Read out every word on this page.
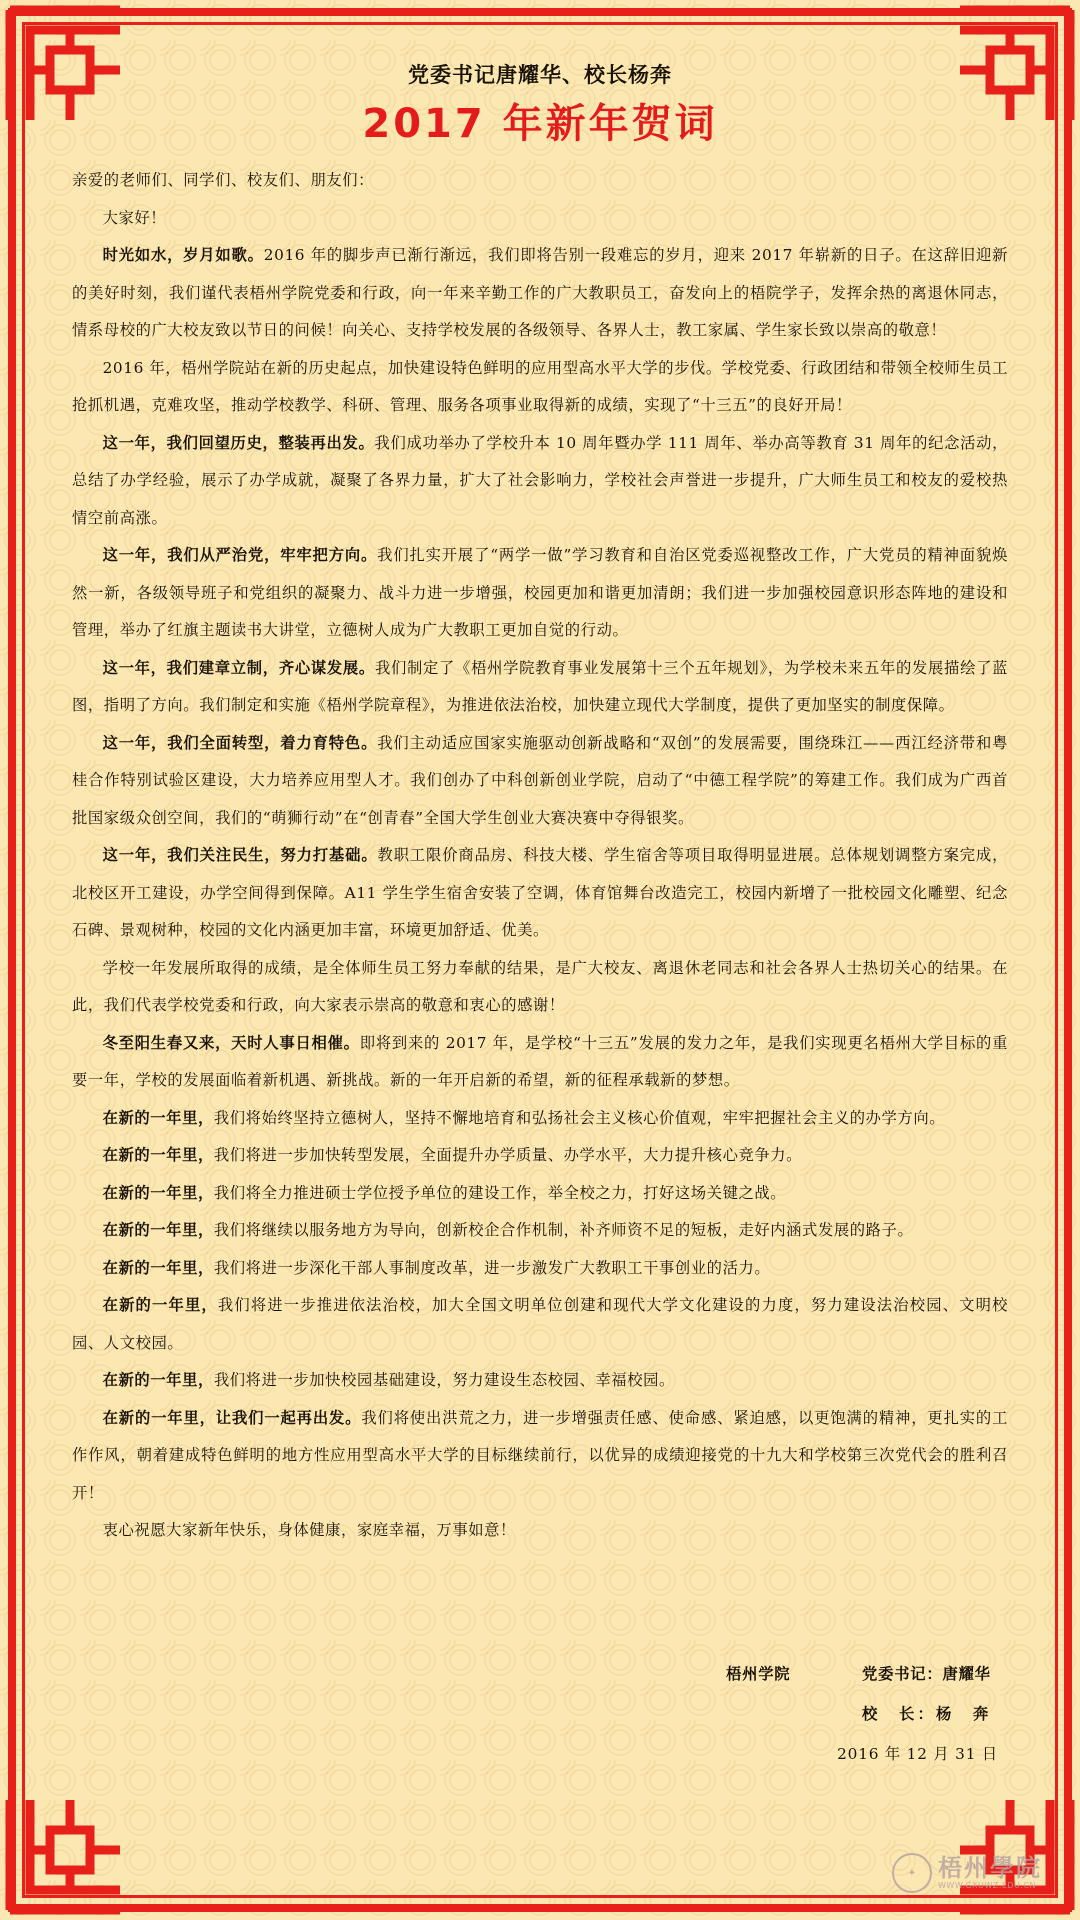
党委书记唐耀华、校长杨奔
2017 年新年贺词

亲爱的老师们、同学们、校友们、朋友们：

大家好！

时光如水，岁月如歌。2016 年的脚步声已渐行渐远，我们即将告别一段难忘的岁月，迎来 2017 年崭新的日子。在这辞旧迎新的美好时刻，我们谨代表梧州学院党委和行政，向一年来辛勤工作的广大教职员工，奋发向上的梧院学子，发挥余热的离退休同志，情系母校的广大校友致以节日的问候！向关心、支持学校发展的各级领导、各界人士，教工家属、学生家长致以崇高的敬意！

2016 年，梧州学院站在新的历史起点，加快建设特色鲜明的应用型高水平大学的步伐。学校党委、行政团结和带领全校师生员工抢抓机遇，克难攻坚，推动学校教学、科研、管理、服务各项事业取得新的成绩，实现了“十三五”的良好开局！

这一年，我们回望历史，整装再出发。我们成功举办了学校升本 10 周年暨办学 111 周年、举办高等教育 31 周年的纪念活动，总结了办学经验，展示了办学成就，凝聚了各界力量，扩大了社会影响力，学校社会声誉进一步提升，广大师生员工和校友的爱校热情空前高涨。

这一年，我们从严治党，牢牢把方向。我们扎实开展了“两学一做”学习教育和自治区党委巡视整改工作，广大党员的精神面貌焕然一新，各级领导班子和党组织的凝聚力、战斗力进一步增强，校园更加和谐更加清朗；我们进一步加强校园意识形态阵地的建设和管理，举办了红旗主题读书大讲堂，立德树人成为广大教职工更加自觉的行动。

这一年，我们建章立制，齐心谋发展。我们制定了《梧州学院教育事业发展第十三个五年规划》，为学校未来五年的发展描绘了蓝图，指明了方向。我们制定和实施《梧州学院章程》，为推进依法治校，加快建立现代大学制度，提供了更加坚实的制度保障。

这一年，我们全面转型，着力育特色。我们主动适应国家实施驱动创新战略和“双创”的发展需要，围绕珠江——西江经济带和粤桂合作特别试验区建设，大力培养应用型人才。我们创办了中科创新创业学院，启动了“中德工程学院”的筹建工作。我们成为广西首批国家级众创空间，我们的“萌狮行动”在“创青春”全国大学生创业大赛决赛中夺得银奖。

这一年，我们关注民生，努力打基础。教职工限价商品房、科技大楼、学生宿舍等项目取得明显进展。总体规划调整方案完成，北校区开工建设，办学空间得到保障。A11 学生学生宿舍安装了空调，体育馆舞台改造完工，校园内新增了一批校园文化雕塑、纪念石碑、景观树种，校园的文化内涵更加丰富，环境更加舒适、优美。

学校一年发展所取得的成绩，是全体师生员工努力奉献的结果，是广大校友、离退休老同志和社会各界人士热切关心的结果。在此，我们代表学校党委和行政，向大家表示崇高的敬意和衷心的感谢！

冬至阳生春又来，天时人事日相催。即将到来的 2017 年，是学校“十三五”发展的发力之年，是我们实现更名梧州大学目标的重要一年，学校的发展面临着新机遇、新挑战。新的一年开启新的希望，新的征程承载新的梦想。

在新的一年里，我们将始终坚持立德树人，坚持不懈地培育和弘扬社会主义核心价值观，牢牢把握社会主义的办学方向。

在新的一年里，我们将进一步加快转型发展，全面提升办学质量、办学水平，大力提升核心竞争力。

在新的一年里，我们将全力推进硕士学位授予单位的建设工作，举全校之力，打好这场关键之战。

在新的一年里，我们将继续以服务地方为导向，创新校企合作机制，补齐师资不足的短板，走好内涵式发展的路子。

在新的一年里，我们将进一步深化干部人事制度改革，进一步激发广大教职工干事创业的活力。

在新的一年里，我们将进一步推进依法治校，加大全国文明单位创建和现代大学文化建设的力度，努力建设法治校园、文明校园、人文校园。

在新的一年里，我们将进一步加快校园基础建设，努力建设生态校园、幸福校园。

在新的一年里，让我们一起再出发。我们将使出洪荒之力，进一步增强责任感、使命感、紧迫感，以更饱满的精神，更扎实的工作作风，朝着建成特色鲜明的地方性应用型高水平大学的目标继续前行，以优异的成绩迎接党的十九大和学校第三次党代会的胜利召开！

衷心祝愿大家新年快乐，身体健康，家庭幸福，万事如意！

梧州学院	党委书记：唐耀华
校　长：杨　奔
2016 年 12 月 31 日
✦ 梧州學院
WWW.GXUWZ.EDU.CN
